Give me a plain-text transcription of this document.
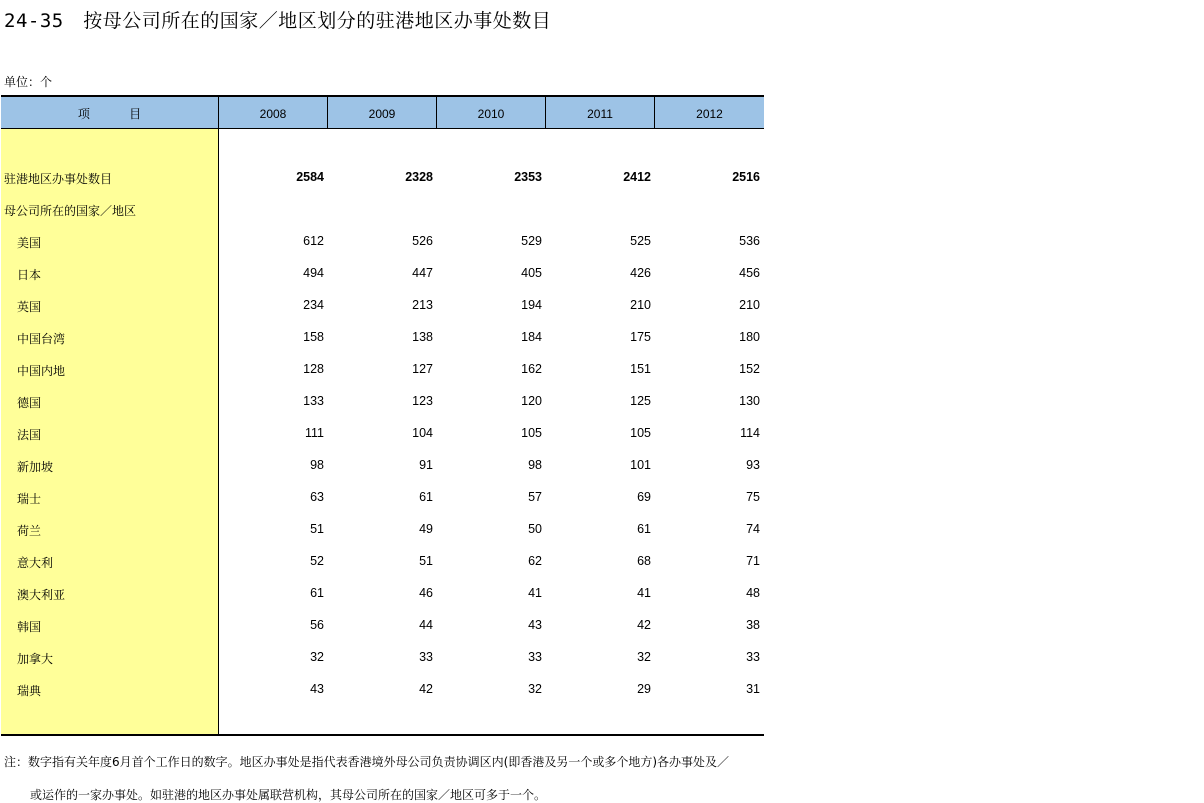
24-35　按母公司所在的国家／地区划分的驻港地区办事处数目
单位：个
项 目	2008	2009	2010	2011	2012
驻港地区办事处数目	2584	2328	2353	2412	2516
母公司所在的国家／地区
美国	612	526	529	525	536
日本	494	447	405	426	456
英国	234	213	194	210	210
中国台湾	158	138	184	175	180
中国内地	128	127	162	151	152
德国	133	123	120	125	130
法国	111	104	105	105	114
新加坡	98	91	98	101	93
瑞士	63	61	57	69	75
荷兰	51	49	50	61	74
意大利	52	51	62	68	71
澳大利亚	61	46	41	41	48
韩国	56	44	43	42	38
加拿大	32	33	33	32	33
瑞典	43	42	32	29	31
注：数字指有关年度6月首个工作日的数字。地区办事处是指代表香港境外母公司负责协调区内(即香港及另一个或多个地方)各办事处及／
或运作的一家办事处。如驻港的地区办事处属联营机构，其母公司所在的国家／地区可多于一个。
